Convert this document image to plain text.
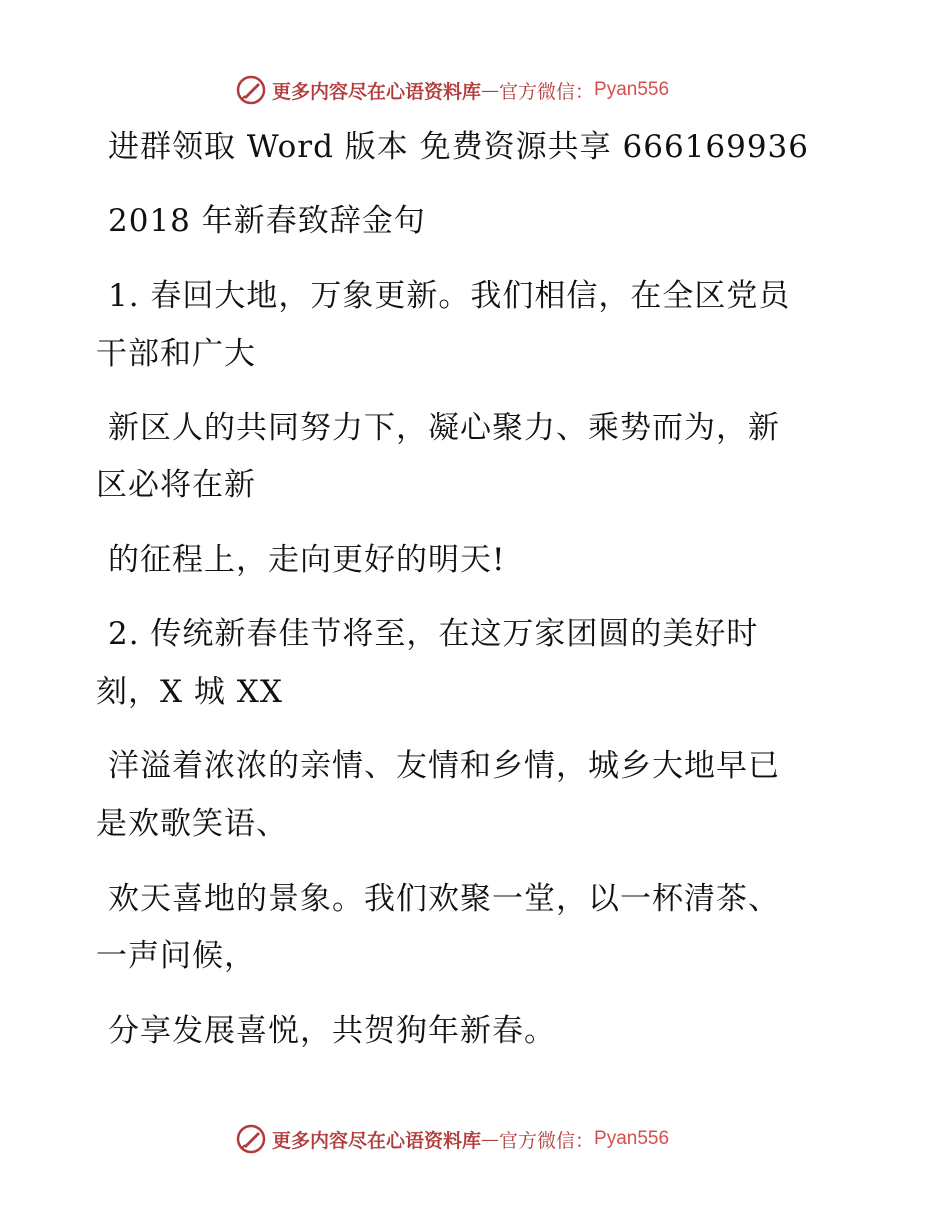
更多内容尽在心语资料库 — 官方微信： Pyan556
进群领取 Word 版本 免费资源共享 666169936
2018 年新春致辞金句
1. 春回大地，万象更新。我们相信，在全区党员
干部和广大
新区人的共同努力下，凝心聚力、乘势而为，新
区必将在新
的征程上，走向更好的明天!
2. 传统新春佳节将至，在这万家团圆的美好时
刻，X 城 XX
洋溢着浓浓的亲情、友情和乡情，城乡大地早已
是欢歌笑语、
欢天喜地的景象。我们欢聚一堂，以一杯清茶、
一声问候，
分享发展喜悦，共贺狗年新春。
更多内容尽在心语资料库 — 官方微信： Pyan556
